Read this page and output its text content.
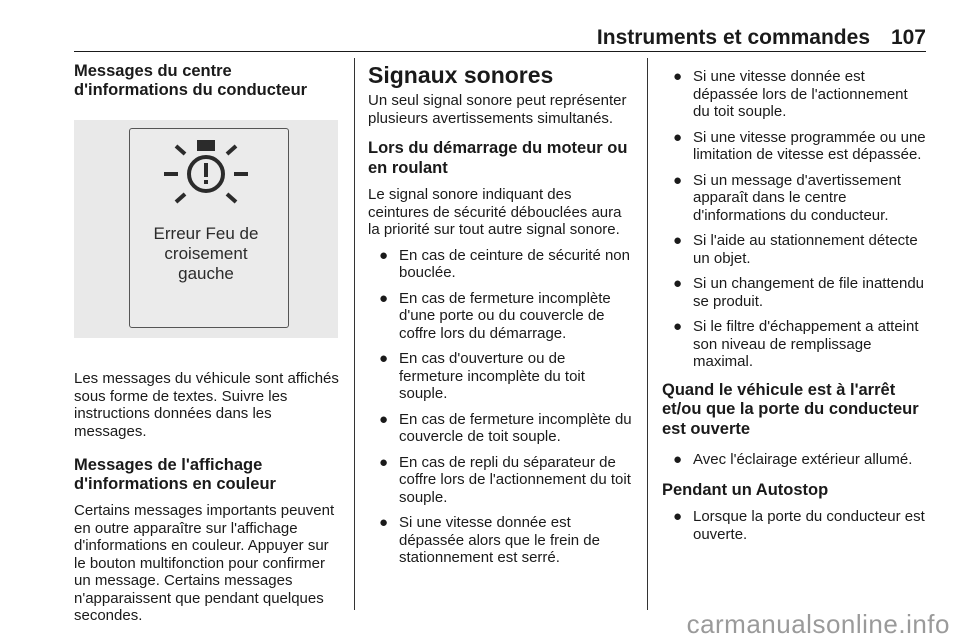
Instruments et commandes 107
Messages du centre d'informations du conducteur
Erreur Feu de
croisement
gauche

Les messages du véhicule sont affichés sous forme de textes. Suivre les instructions données dans les messages.

Messages de l'affichage d'informations en couleur

Certains messages importants peuvent en outre apparaître sur l'affichage d'informations en couleur. Appuyer sur le bouton multifonction pour confirmer un message. Certains messages n'apparaissent que pendant quelques secondes.

Signaux sonores

Un seul signal sonore peut représenter plusieurs avertissements simultanés.

Lors du démarrage du moteur ou en roulant

Le signal sonore indiquant des ceintures de sécurité débouclées aura la priorité sur tout autre signal sonore.

● En cas de ceinture de sécurité non bouclée.
● En cas de fermeture incomplète d'une porte ou du couvercle de coffre lors du démarrage.
● En cas d'ouverture ou de fermeture incomplète du toit souple.
● En cas de fermeture incomplète du couvercle de toit souple.
● En cas de repli du séparateur de coffre lors de l'actionnement du toit souple.
● Si une vitesse donnée est dépassée alors que le frein de stationnement est serré.
● Si une vitesse donnée est dépassée lors de l'actionnement du toit souple.
● Si une vitesse programmée ou une limitation de vitesse est dépassée.
● Si un message d'avertissement apparaît dans le centre d'informations du conducteur.
● Si l'aide au stationnement détecte un objet.
● Si un changement de file inattendu se produit.
● Si le filtre d'échappement a atteint son niveau de remplissage maximal.
Quand le véhicule est à l'arrêt et/ou que la porte du conducteur est ouverte
● Avec l'éclairage extérieur allumé.
Pendant un Autostop
● Lorsque la porte du conducteur est ouverte.
carmanualsonline.info
